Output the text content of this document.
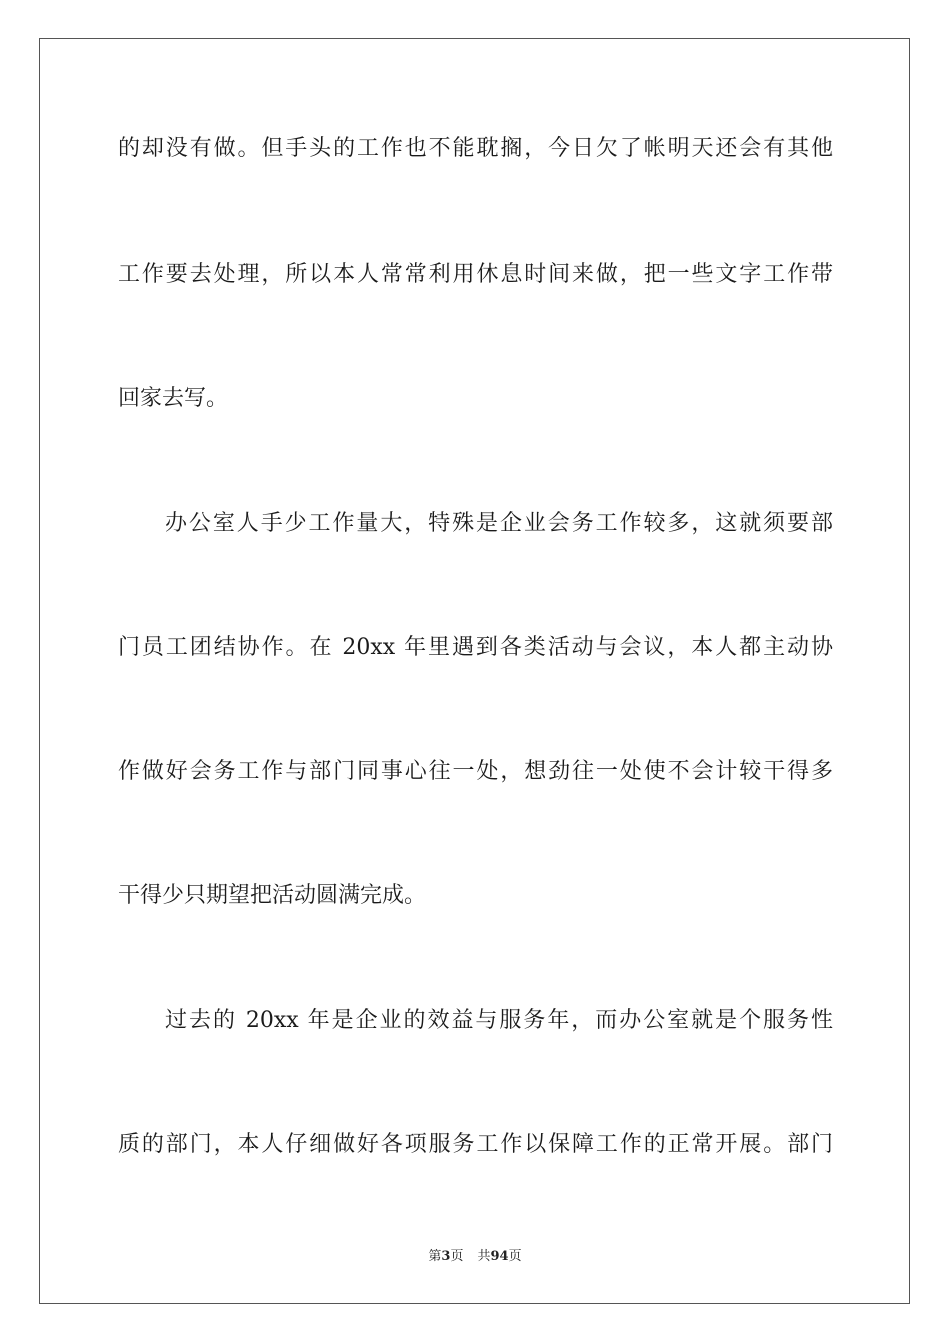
的却没有做。但手头的工作也不能耽搁，今日欠了帐明天还会有其他
工作要去处理，所以本人常常利用休息时间来做，把一些文字工作带
回家去写。
办公室人手少工作量大，特殊是企业会务工作较多，这就须要部
门员工团结协作。在 20xx 年里遇到各类活动与会议，本人都主动协
作做好会务工作与部门同事心往一处，想劲往一处使不会计较干得多
干得少只期望把活动圆满完成。
过去的 20xx 年是企业的效益与服务年，而办公室就是个服务性
质的部门，本人仔细做好各项服务工作以保障工作的正常开展。部门
第3页 共94页
